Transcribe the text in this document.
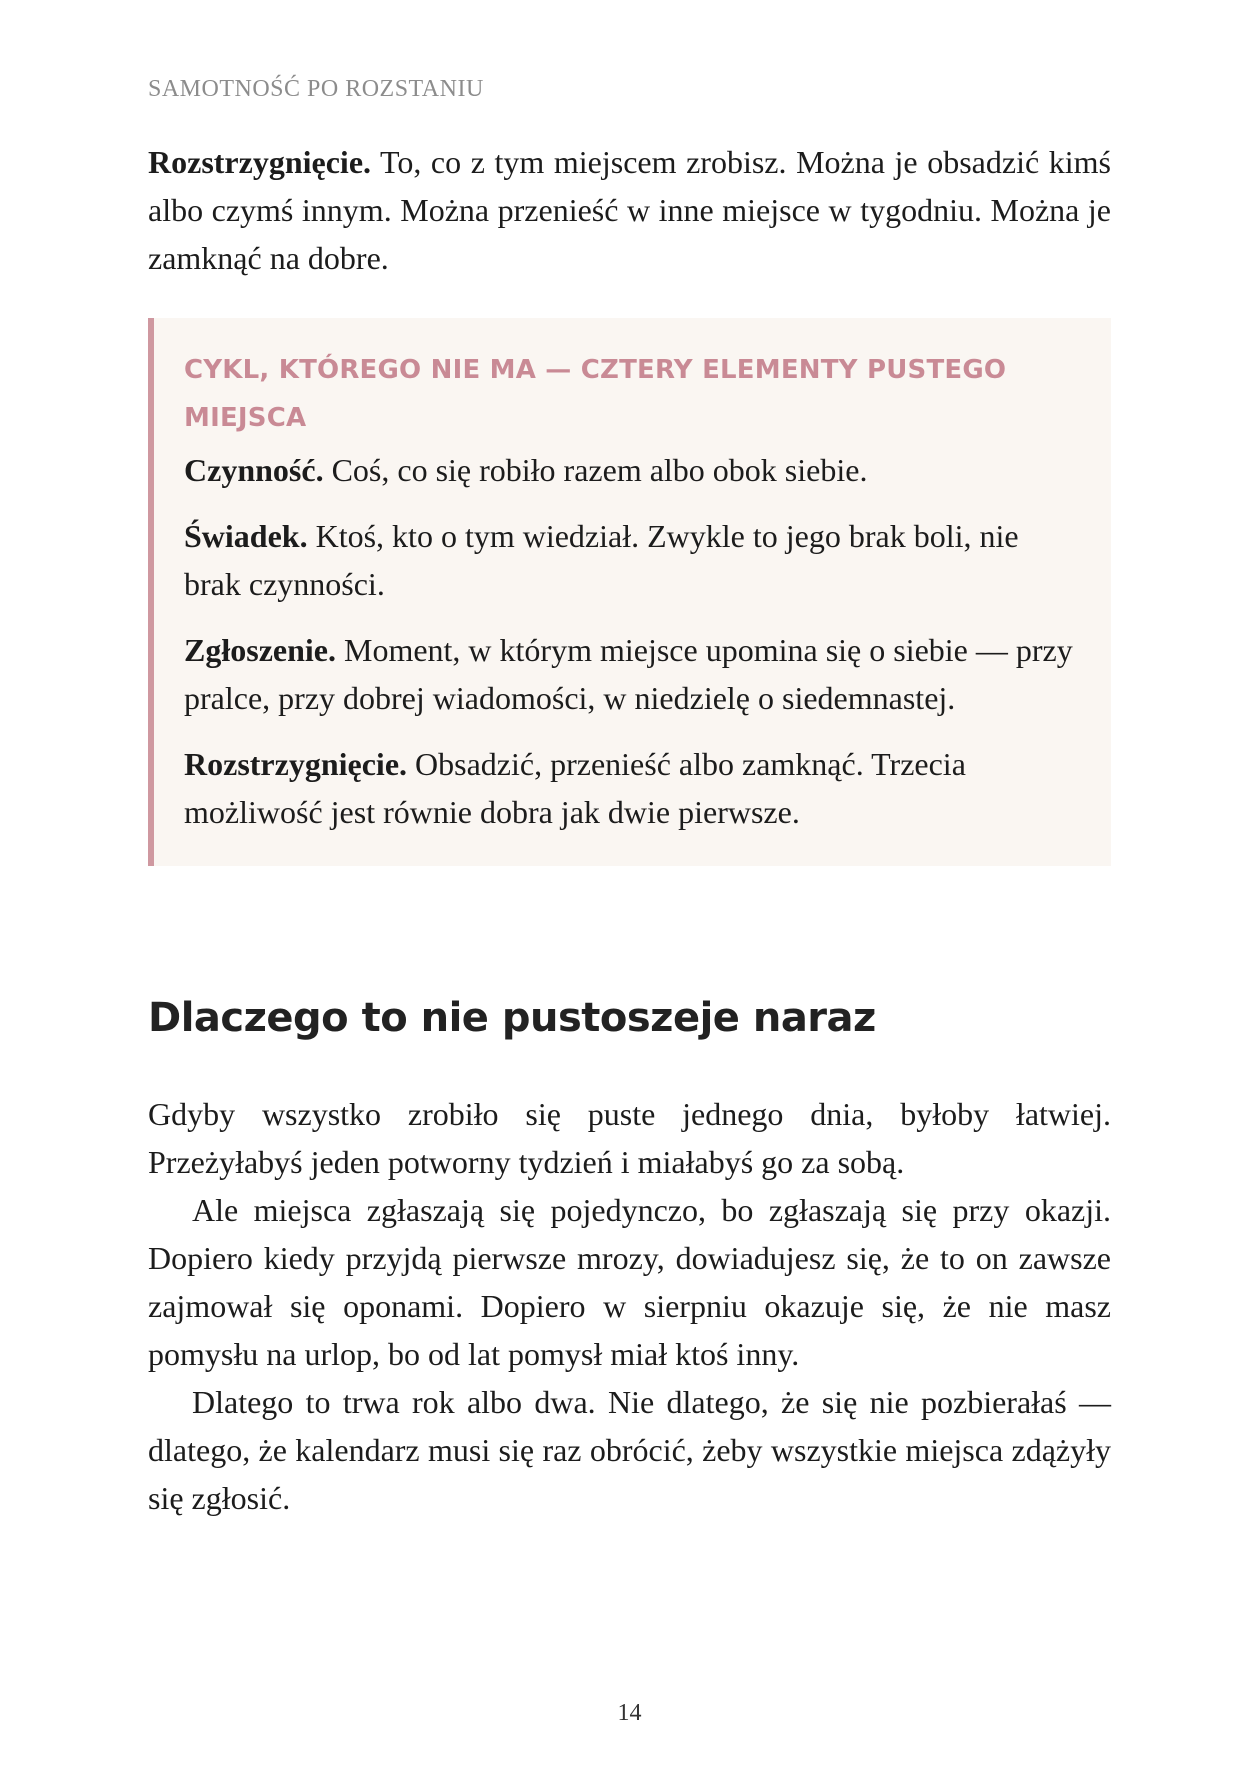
SAMOTNOŚĆ PO ROZSTANIU

Rozstrzygnięcie. To, co z tym miejscem zrobisz. Można je obsadzić kimś albo czymś innym. Można przenieść w inne miejsce w tygodniu. Można je zamknąć na dobre.

CYKL, KTÓREGO NIE MA — CZTERY ELEMENTY PUSTEGO MIEJSCA
Czynność. Coś, co się robiło razem albo obok siebie.
Świadek. Ktoś, kto o tym wiedział. Zwykle to jego brak boli, nie brak czynności.
Zgłoszenie. Moment, w którym miejsce upomina się o siebie — przy pralce, przy dobrej wiadomości, w niedzielę o siedemnastej.
Rozstrzygnięcie. Obsadzić, przenieść albo zamknąć. Trzecia możliwość jest równie dobra jak dwie pierwsze.
Dlaczego to nie pustoszeje naraz

Gdyby wszystko zrobiło się puste jednego dnia, byłoby łatwiej. Przeżyłabyś jeden potworny tydzień i miałabyś go za sobą.

Ale miejsca zgłaszają się pojedynczo, bo zgłaszają się przy okazji. Dopiero kiedy przyjdą pierwsze mrozy, dowiadujesz się, że to on zawsze zajmował się oponami. Dopiero w sierpniu okazuje się, że nie masz pomysłu na urlop, bo od lat pomysł miał ktoś inny.

Dlatego to trwa rok albo dwa. Nie dlatego, że się nie pozbierałaś — dlatego, że kalendarz musi się raz obrócić, żeby wszystkie miejsca zdążyły się zgłosić.

14
